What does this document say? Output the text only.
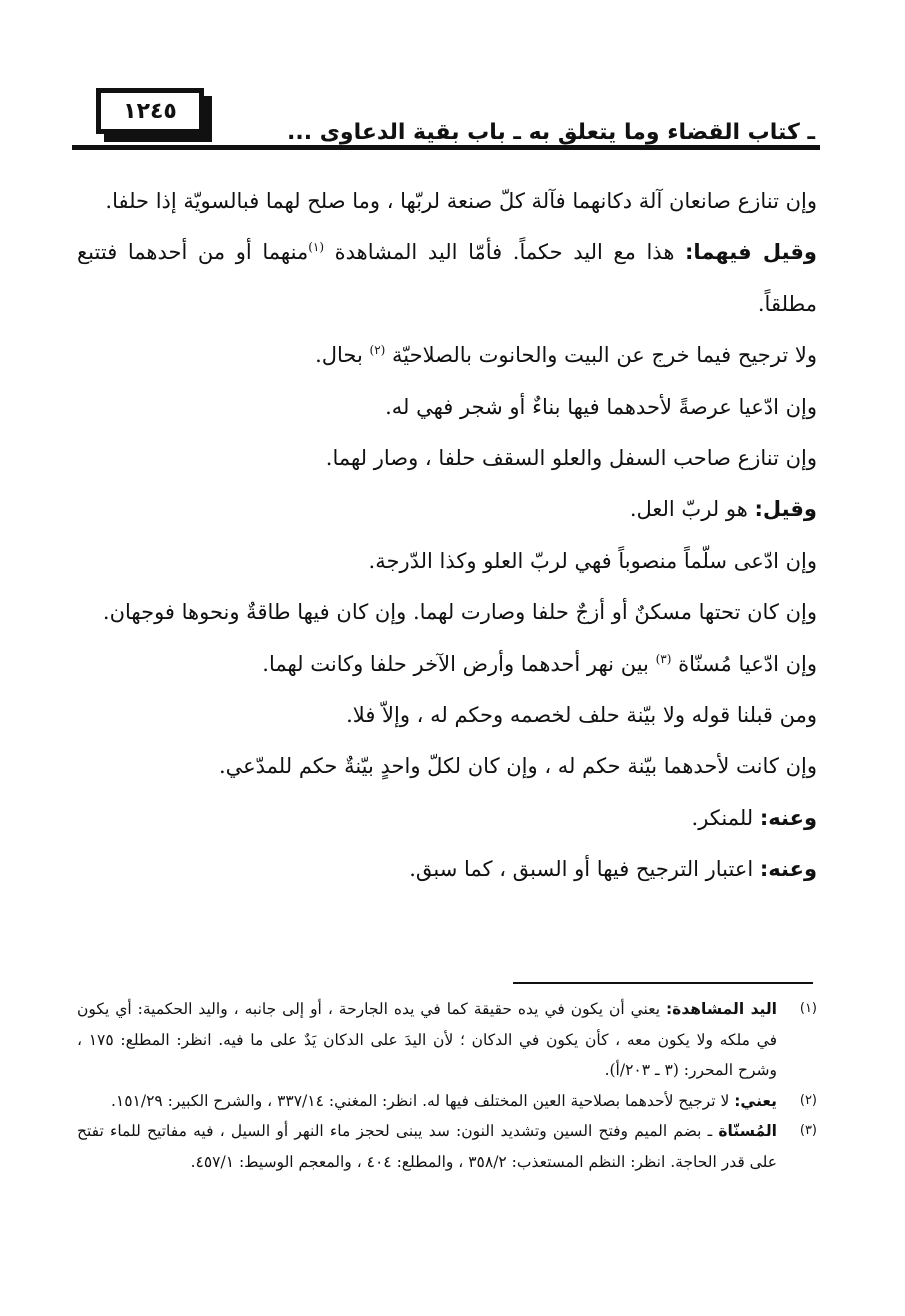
١٢٤٥
ـ كتاب القضاء وما يتعلق به ـ باب بقية الدعاوى ...

وإن تنازع صانعان آلة دكانهما فآلة كلّ صنعة لربّها ، وما صلح لهما فبالسويّة إذا حلفا.

وقيل فيهما: هذا مع اليد حكماً. فأمّا اليد المشاهدة $^{(١)}$منهما أو من أحدهما فتتبع مطلقاً.

ولا ترجيح فيما خرج عن البيت والحانوت بالصلاحيّة $^{(٢)}$ بحال.

وإن ادّعيا عرصةً لأحدهما فيها بناءٌ أو شجر فهي له.

وإن تنازع صاحب السفل والعلو السقف حلفا ، وصار لهما.

وقيل: هو لربّ العل.

وإن ادّعى سلّماً منصوباً فهي لربّ العلو وكذا الدّرجة.

وإن كان تحتها مسكنٌ أو أزجٌ حلفا وصارت لهما. وإن كان فيها طاقةٌ ونحوها فوجهان.

وإن ادّعيا مُسنّاة $^{(٣)}$ بين نهر أحدهما وأرض الآخر حلفا وكانت لهما.

ومن قبلنا قوله ولا بيّنة حلف لخصمه وحكم له ، وإلاّ فلا.

وإن كانت لأحدهما بيّنة حكم له ، وإن كان لكلّ واحدٍ بيّنةٌ حكم للمدّعي.

وعنه: للمنكر.

وعنه: اعتبار الترجيح فيها أو السبق ، كما سبق.

(١)
اليد المشاهدة: يعني أن يكون في يده حقيقة كما في يده الجارحة ، أو إلى جانبه ، واليد الحكمية: أي يكون في ملكه ولا يكون معه ، كأن يكون في الدكان ؛ لأن اليدَ على الدكان يَدٌ على ما فيه. انظر: المطلع: ١٧٥ ، وشرح المحرر: (٣ ـ ٢٠٣/أ).
(٢)
يعني: لا ترجيح لأحدهما بصلاحية العين المختلف فيها له. انظر: المغني: ٣٣٧/١٤ ، والشرح الكبير: ١٥١/٢٩.
(٣)
المُسنّاة ـ بضم الميم وفتح السين وتشديد النون: سد يبنى لحجز ماء النهر أو السيل ، فيه مفاتيح للماء تفتح على قدر الحاجة. انظر: النظم المستعذب: ٣٥٨/٢ ، والمطلع: ٤٠٤ ، والمعجم الوسيط: ٤٥٧/١.
